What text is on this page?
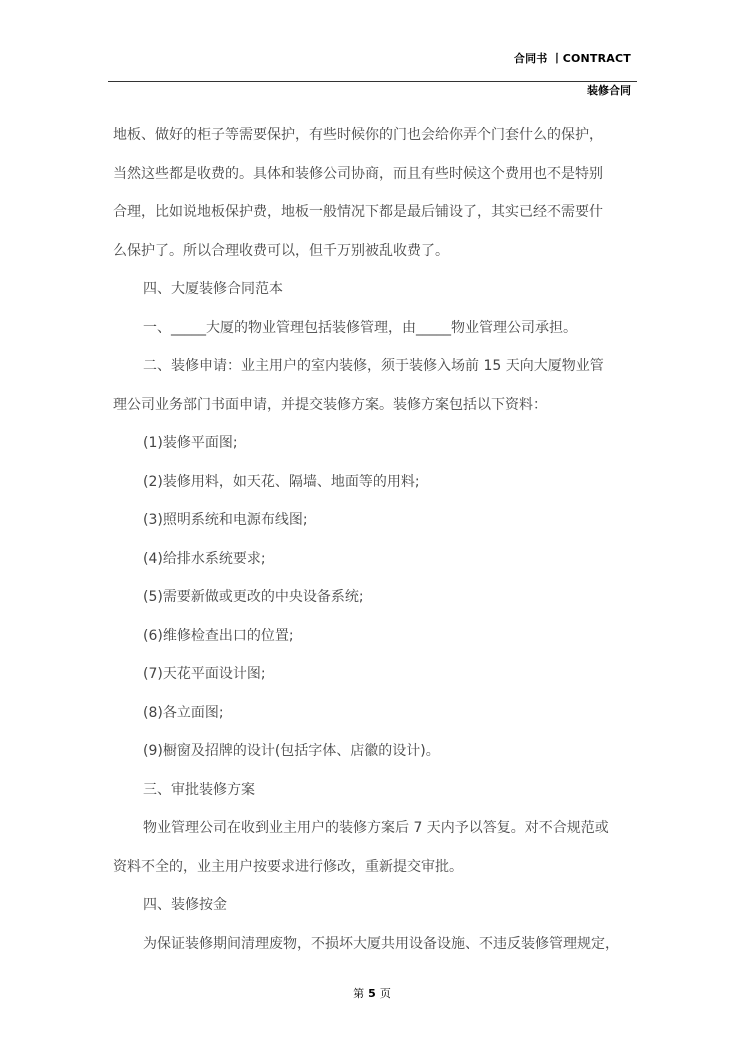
合同书 丨CONTRACT
装修合同

地板、做好的柜子等需要保护，有些时候你的门也会给你弄个门套什么的保护，

当然这些都是收费的。具体和装修公司协商，而且有些时候这个费用也不是特别

合理，比如说地板保护费，地板一般情况下都是最后铺设了，其实已经不需要什

么保护了。所以合理收费可以，但千万别被乱收费了。

四、大厦装修合同范本

一、_____大厦的物业管理包括装修管理，由_____物业管理公司承担。

二、装修申请：业主用户的室内装修，须于装修入场前 15 天向大厦物业管

理公司业务部门书面申请，并提交装修方案。装修方案包括以下资料：

(1)装修平面图;

(2)装修用料，如天花、隔墙、地面等的用料;

(3)照明系统和电源布线图;

(4)给排水系统要求;

(5)需要新做或更改的中央设备系统;

(6)维修检查出口的位置;

(7)天花平面设计图;

(8)各立面图;

(9)橱窗及招牌的设计(包括字体、店徽的设计)。

三、审批装修方案

物业管理公司在收到业主用户的装修方案后 7 天内予以答复。对不合规范或

资料不全的，业主用户按要求进行修改，重新提交审批。

四、装修按金

为保证装修期间清理废物，不损坏大厦共用设备设施、不违反装修管理规定，

第 5 页
